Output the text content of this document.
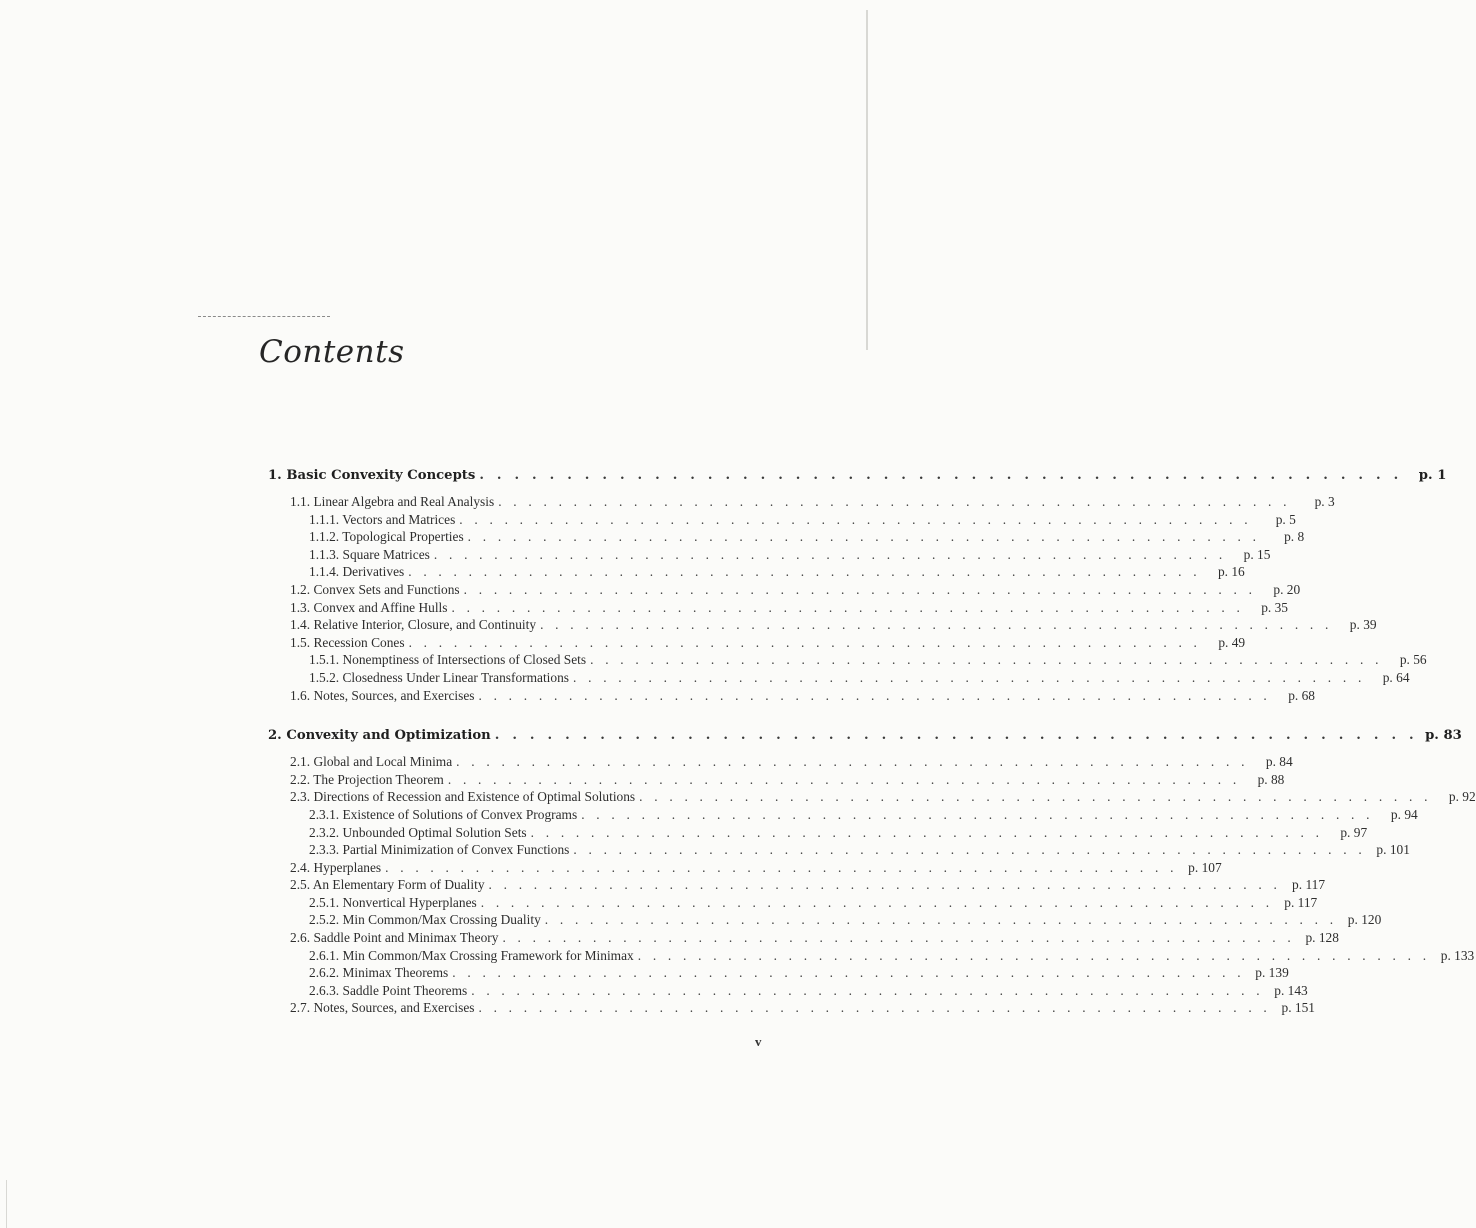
Contents
1. Basic Convexity Concepts . . . . . . . . . . . . . . . . . . . . . . . . . . . . . . . . . . . . . . . . . . . . . . . . . . . . .	p. 1
1.1. Linear Algebra and Real Analysis . . . . . . . . . . . . . . . . . . . . . . . . . . . . . . . . . . . . . . . . . . . . . . . . . . . . .	p. 3
1.1.1. Vectors and Matrices . . . . . . . . . . . . . . . . . . . . . . . . . . . . . . . . . . . . . . . . . . . . . . . . . . . . .	p. 5
1.1.2. Topological Properties . . . . . . . . . . . . . . . . . . . . . . . . . . . . . . . . . . . . . . . . . . . . . . . . . . . . .	p. 8
1.1.3. Square Matrices . . . . . . . . . . . . . . . . . . . . . . . . . . . . . . . . . . . . . . . . . . . . . . . . . . . . .	p. 15
1.1.4. Derivatives . . . . . . . . . . . . . . . . . . . . . . . . . . . . . . . . . . . . . . . . . . . . . . . . . . . . .	p. 16
1.2. Convex Sets and Functions . . . . . . . . . . . . . . . . . . . . . . . . . . . . . . . . . . . . . . . . . . . . . . . . . . . . .	p. 20
1.3. Convex and Affine Hulls . . . . . . . . . . . . . . . . . . . . . . . . . . . . . . . . . . . . . . . . . . . . . . . . . . . . .	p. 35
1.4. Relative Interior, Closure, and Continuity . . . . . . . . . . . . . . . . . . . . . . . . . . . . . . . . . . . . . . . . . . . . . . . . . . . . .	p. 39
1.5. Recession Cones . . . . . . . . . . . . . . . . . . . . . . . . . . . . . . . . . . . . . . . . . . . . . . . . . . . . .	p. 49
1.5.1. Nonemptiness of Intersections of Closed Sets . . . . . . . . . . . . . . . . . . . . . . . . . . . . . . . . . . . . . . . . . . . . . . . . . . . . .	p. 56
1.5.2. Closedness Under Linear Transformations . . . . . . . . . . . . . . . . . . . . . . . . . . . . . . . . . . . . . . . . . . . . . . . . . . . . .	p. 64
1.6. Notes, Sources, and Exercises . . . . . . . . . . . . . . . . . . . . . . . . . . . . . . . . . . . . . . . . . . . . . . . . . . . . .	p. 68
2. Convexity and Optimization . . . . . . . . . . . . . . . . . . . . . . . . . . . . . . . . . . . . . . . . . . . . . . . . . . . . . p. 83
2.1. Global and Local Minima . . . . . . . . . . . . . . . . . . . . . . . . . . . . . . . . . . . . . . . . . . . . . . . . . . . . .	p. 84
2.2. The Projection Theorem . . . . . . . . . . . . . . . . . . . . . . . . . . . . . . . . . . . . . . . . . . . . . . . . . . . . .	p. 88
2.3. Directions of Recession and Existence of Optimal Solutions . . . . . . . . . . . . . . . . . . . . . . . . . . . . . . . . . . . . . . . . . . . . . . . . . . . . .	p. 92
2.3.1. Existence of Solutions of Convex Programs . . . . . . . . . . . . . . . . . . . . . . . . . . . . . . . . . . . . . . . . . . . . . . . . . . . . .	p. 94
2.3.2. Unbounded Optimal Solution Sets . . . . . . . . . . . . . . . . . . . . . . . . . . . . . . . . . . . . . . . . . . . . . . . . . . . . .	p. 97
2.3.3. Partial Minimization of Convex Functions . . . . . . . . . . . . . . . . . . . . . . . . . . . . . . . . . . . . . . . . . . . . . . . . . . . . . p. 101
2.4. Hyperplanes . . . . . . . . . . . . . . . . . . . . . . . . . . . . . . . . . . . . . . . . . . . . . . . . . . . . . p. 107
2.5. An Elementary Form of Duality . . . . . . . . . . . . . . . . . . . . . . . . . . . . . . . . . . . . . . . . . . . . . . . . . . . . . p. 117
2.5.1. Nonvertical Hyperplanes . . . . . . . . . . . . . . . . . . . . . . . . . . . . . . . . . . . . . . . . . . . . . . . . . . . . . p. 117
2.5.2. Min Common/Max Crossing Duality . . . . . . . . . . . . . . . . . . . . . . . . . . . . . . . . . . . . . . . . . . . . . . . . . . . . . p. 120
2.6. Saddle Point and Minimax Theory . . . . . . . . . . . . . . . . . . . . . . . . . . . . . . . . . . . . . . . . . . . . . . . . . . . . . p. 128
2.6.1. Min Common/Max Crossing Framework for Minimax . . . . . . . . . . . . . . . . . . . . . . . . . . . . . . . . . . . . . . . . . . . . . . . . . . . . . p. 133
2.6.2. Minimax Theorems . . . . . . . . . . . . . . . . . . . . . . . . . . . . . . . . . . . . . . . . . . . . . . . . . . . . . p. 139
2.6.3. Saddle Point Theorems . . . . . . . . . . . . . . . . . . . . . . . . . . . . . . . . . . . . . . . . . . . . . . . . . . . . . p. 143
2.7. Notes, Sources, and Exercises . . . . . . . . . . . . . . . . . . . . . . . . . . . . . . . . . . . . . . . . . . . . . . . . . . . . . p. 151
v
